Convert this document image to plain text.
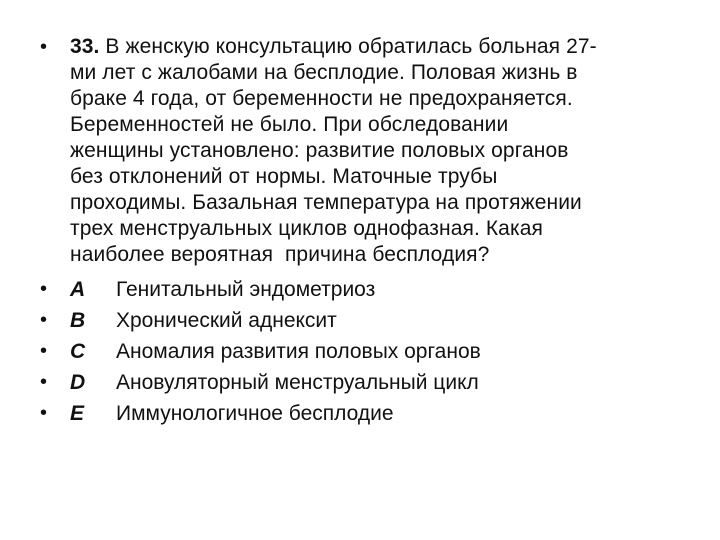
• 33. В женскую консультацию обратилась больная 27-
ми лет с жалобами на бесплодие. Половая жизнь в
браке 4 года, от беременности не предохраняется.
Беременностей не было. При обследовании
женщины установлено: развитие половых органов
без отклонений от нормы. Маточные трубы
проходимы. Базальная температура на протяжении
трех менструальных циклов однофазная. Какая
наиболее вероятная  причина бесплодия?
• A Генитальный эндометриоз
• B Хронический аднексит
• C Аномалия развития половых органов
• D Ановуляторный менструальный цикл
• E Иммунологичное бесплодие
